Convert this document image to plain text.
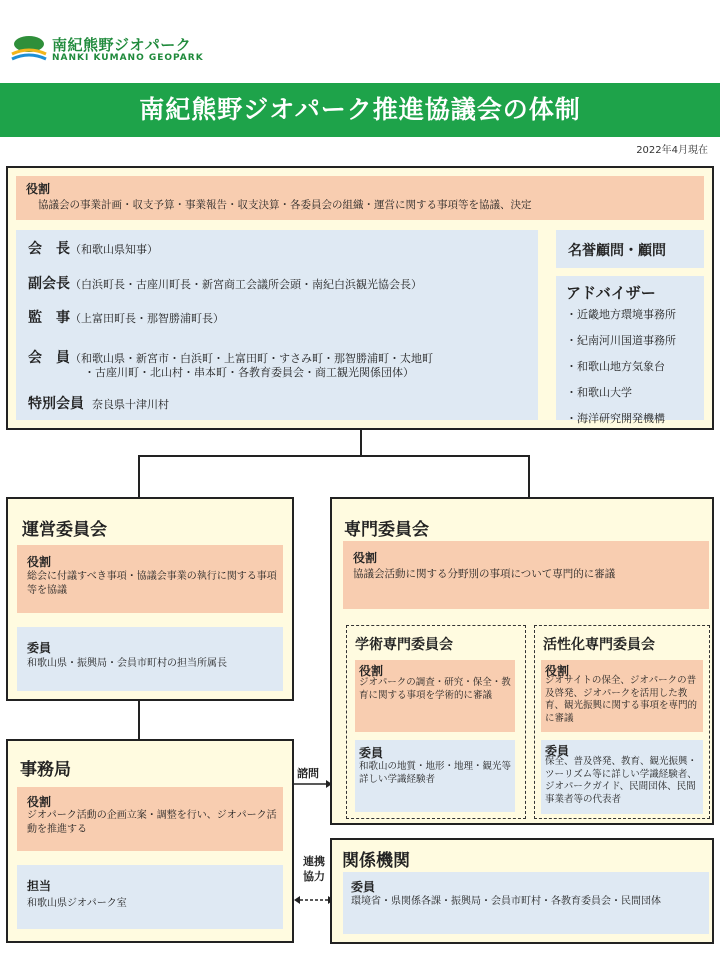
南紀熊野ジオパーク
NANKI KUMANO GEOPARK
南紀熊野ジオパーク推進協議会の体制
2022年4月現在
役割
協議会の事業計画・収支予算・事業報告・収支決算・各委員会の組織・運営に関する事項等を協議、決定
会　長（和歌山県知事）
副会長（白浜町長・古座川町長・新宮商工会議所会頭・南紀白浜観光協会長）
監　事（上富田町長・那智勝浦町長）
会　員（和歌山県・新宮市・白浜町・上富田町・すさみ町・那智勝浦町・太地町
・古座川町・北山村・串本町・各教育委員会・商工観光関係団体）
特別会員 奈良県十津川村
名誉顧問・顧問
アドバイザー
・近畿地方環境事務所
・紀南河川国道事務所
・和歌山地方気象台
・和歌山大学
・海洋研究開発機構
運営委員会
役割
総会に付議すべき事項・協議会事業の執行に関する事項等を協議
委員
和歌山県・振興局・会員市町村の担当所属長
専門委員会
役割
協議会活動に関する分野別の事項について専門的に審議
学術専門委員会
役割
ジオパークの調査・研究・保全・教育に関する事項を学術的に審議
委員
和歌山の地質・地形・地理・観光等詳しい学識経験者
活性化専門委員会
役割
ジオサイトの保全、ジオパークの普及啓発、ジオパークを活用した教育、観光振興に関する事項を専門的に審議
委員
保全、普及啓発、教育、観光振興・ツーリズム等に詳しい学識経験者、ジオパークガイド、民間団体、民間事業者等の代表者
事務局
役割
ジオパーク活動の企画立案・調整を行い、ジオパーク活動を推進する
担当
和歌山県ジオパーク室
諮問
連携協力
関係機関
委員
環境省・県関係各課・振興局・会員市町村・各教育委員会・民間団体
